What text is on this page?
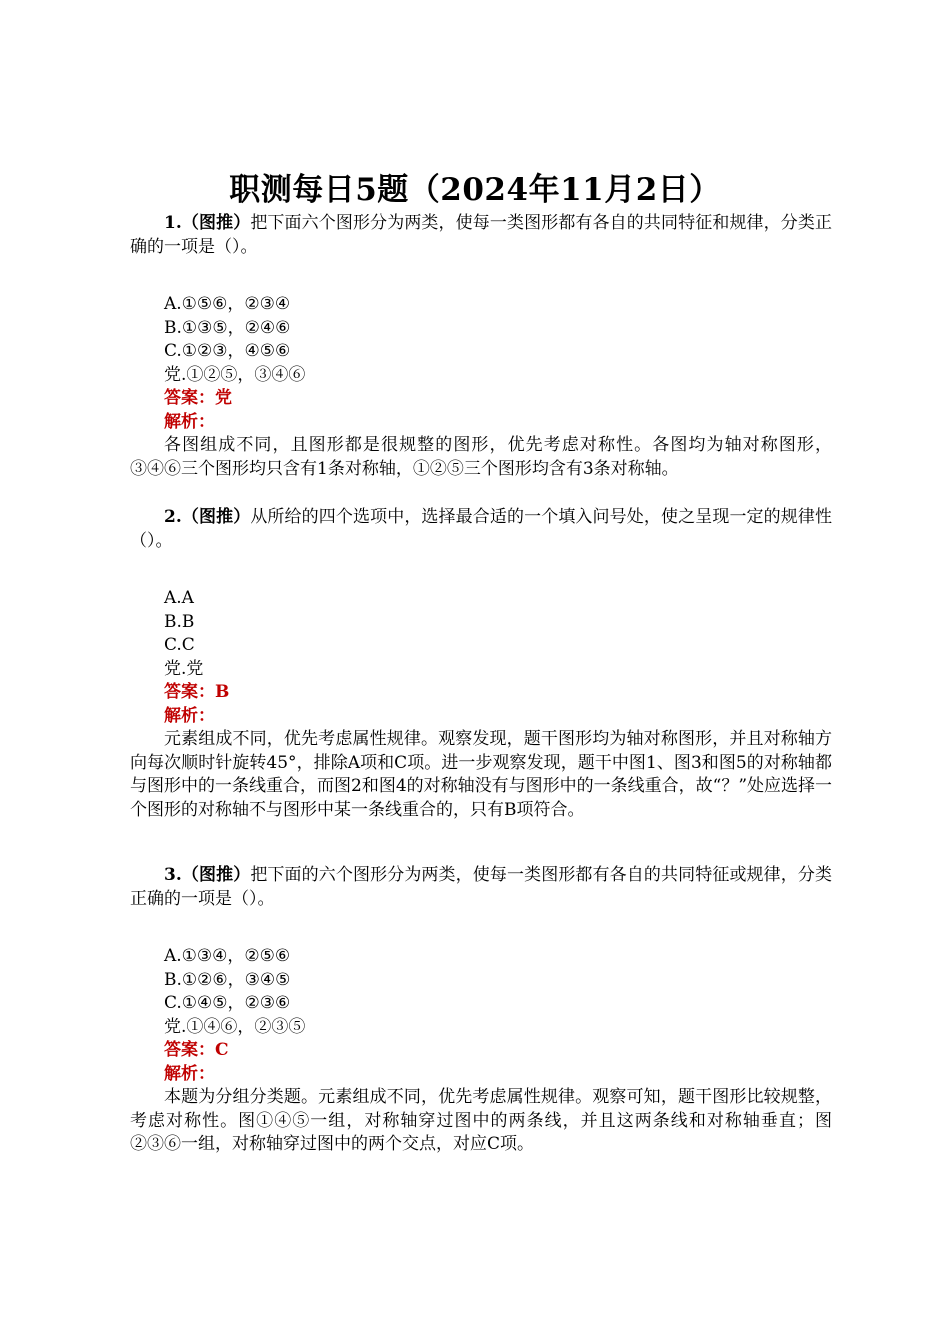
职测每日5题（2024年11月2日）

1.（图推）把下面六个图形分为两类，使每一类图形都有各自的共同特征和规律，分类正确的一项是（）。

A.①⑤⑥，②③④
B.①③⑤，②④⑥
C.①②③，④⑤⑥
党.①②⑤，③④⑥
答案：党
解析：

各图组成不同，且图形都是很规整的图形，优先考虑对称性。各图均为轴对称图形，③④⑥三个图形均只含有1条对称轴，①②⑤三个图形均含有3条对称轴。

2.（图推）从所给的四个选项中，选择最合适的一个填入问号处，使之呈现一定的规律性（）。

A.A
B.B
C.C
党.党
答案：B
解析：

元素组成不同，优先考虑属性规律。观察发现，题干图形均为轴对称图形，并且对称轴方向每次顺时针旋转45°，排除A项和C项。进一步观察发现，题干中图1、图3和图5的对称轴都与图形中的一条线重合，而图2和图4的对称轴没有与图形中的一条线重合，故“？”处应选择一个图形的对称轴不与图形中某一条线重合的，只有B项符合。

3.（图推）把下面的六个图形分为两类，使每一类图形都有各自的共同特征或规律，分类正确的一项是（）。

A.①③④，②⑤⑥
B.①②⑥，③④⑤
C.①④⑤，②③⑥
党.①④⑥，②③⑤
答案：C
解析：

本题为分组分类题。元素组成不同，优先考虑属性规律。观察可知，题干图形比较规整，考虑对称性。图①④⑤一组，对称轴穿过图中的两条线，并且这两条线和对称轴垂直；图②③⑥一组，对称轴穿过图中的两个交点，对应C项。
